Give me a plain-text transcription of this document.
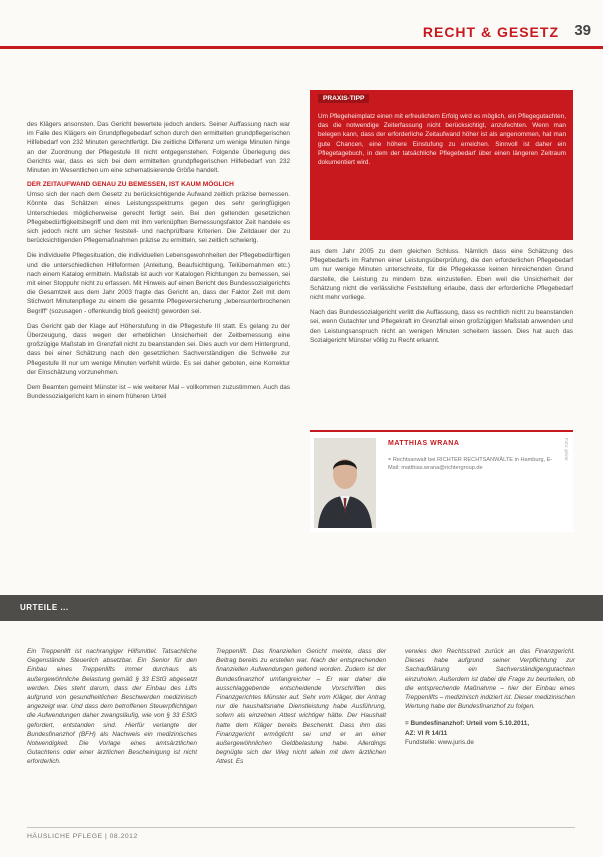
RECHT & GESETZ 39
PRAXIS-TIPP

Um Pflegeheimplatz einen mit erfreulichem Erfolg wird es möglich, ein Pflegegutachten, das die notwendige Zeiterfassung nicht berücksichtigt, anzufechten. Wenn man belegen kann, dass der erforderliche Zeitaufwand höher ist als angenommen, hat man gute Chancen, eine höhere Einstufung zu erreichen. Sinnvoll ist daher ein Pflegetagebuch, in dem der tatsächliche Pflegebedarf über einen längeren Zeitraum dokumentiert wird.

des Klägers ansonsten. Das Gericht bewertete jedoch anders. Seiner Auffassung nach war im Falle des Klägers ein Grundpflegebedarf schon durch den ermittelten grundpflegerischen Hilfebedarf von 232 Minuten gerechtfertigt. Die zeitliche Differenz um wenige Minuten hinge an der Zuordnung der Pflegestufe III nicht entgegenstehen. Folgende Überlegung des Gerichts war, dass es sich bei dem ermittelten grundpflegerischen Hilfebedarf von 232 Minuten im Wesentlichen um eine schematisierende Größe handelt.

DER ZEITAUFWAND GENAU ZU BEMESSEN, IST KAUM MÖGLICH

Umso sich der nach dem Gesetz zu berücksichtigende Aufwand zeitlich präzise bemessen. Könnte das Schätzen eines Leistungsspektrums gegen des sehr geringfügigen Unterschiedes möglicherweise gerecht fertigt sein. Bei den geltenden gesetzlichen Pflegebedürftigkeitsbegriff und dem mit ihm verknüpften Bemessungsfaktor Zeit handele es sich jedoch nicht um sicher feststell- und nachprüfbare Kriterien. Die Zeitdauer der zu berücksichtigenden Pflegemaßnahmen präzise zu ermitteln, sei zeitlich schwierig.

Die individuelle Pflegesituation, die individuellen Lebensgewohnheiten der Pflegebedürftigen und die unterschiedlichen Hilfeformen (Anleitung, Beaufsichtigung, Teilübernahmen etc.) nach einem Katalog ermitteln. Maßstab ist auch vor Katalogen Richtungen zu bemessen, sei mit einer Stoppuhr nicht zu erfassen. Mit Hinweis auf einen Bericht des Bundessozialgerichts die Gesamtzeit aus dem Jahr 2003 fragte das Gericht an, dass der Faktor Zeit mit dem Stichwort Minutenpflege zu einem die gesamte Pflegeversicherung „lebensunterbrochenen Begriff“ (sozusagen - offenkundig bloß geeicht) geworden sei.

Das Gericht gab der Klage auf Höherstufung in die Pflegestufe III statt. Es gelang zu der Überzeugung, dass wegen der erheblichen Unsicherheit der Zeitbemessung eine großzügige Maßstab im Grenzfall nicht zu beanstanden sei. Dies auch vor dem Hintergrund, dass bei einer Schätzung nach den gesetzlichen Sachverständigen die Schwelle zur Pflegestufe III nur um wenige Minuten verfehlt würde. Es sei daher geboten, eine Korrektur der Einschätzung vorzunehmen.

Dem Beamten gemeint Münster ist – wie weiterer Mal – vollkommen zuzustimmen. Auch das Bundessozialgericht kam in einem früheren Urteil

aus dem Jahr 2005 zu dem gleichen Schluss. Nämlich dass eine Schätzung des Pflegebedarfs im Rahmen einer Leistungsüberprüfung, die den erforderlichen Pflegebedarf um nur wenige Minuten unterschreite, für die Pflegekasse keinen hinreichenden Grund darstelle, die Leistung zu mindern bzw. einzustellen. Eben weil die Unsicherheit der Schätzung nicht die verlässliche Feststellung erlaube, dass der erforderliche Pflegebedarf nicht mehr vorliege.

Nach das Bundessozialgericht verlitt die Auffassung, dass es rechtlich nicht zu beanstanden sei, wenn Gutachter und Pflegekraft im Grenzfall einen großzügigen Maßstab anwenden und den Leistungsanspruch nicht an wenigen Minuten scheitern lassen. Dies hat auch das Sozialgericht Münster völlig zu Recht erkannt.

MATTHIAS WRANA
= Rechtsanwalt bei RICHTER RECHTSANWÄLTE in Hamburg, E-Mail: matthias.wrana@richtergroup.de
Foto: privat
URTEILE ...

Ein Treppenlift ist nachrangiger Hilfsmittel. Tatsachliche Gegenstände Steuerlich absetzbar. Ein Senior für den Einbau eines Treppenlifts immer durchaus als außergewöhnliche Belastung gemäß § 33 EStG abgesetzt werden. Dies steht darum, dass der Einbau des Lifts aufgrund von gesundheitlichen Beschwerden medizinisch angezeigt war. Und dass dem betroffenen Steuerpflichtigen die Aufwendungen daher zwangsläufig, wie von § 33 EStG gefordert, entstanden sind. Hierfür verlangte der Bundesfinanzhof (BFH) als Nachweis ein medizinisches Notwendigkeit. Die Vorlage eines amtsärztlichen Gutachtens oder einer ärztlichen Bescheinigung ist nicht erforderlich.

Treppenlift. Das finanziellen Gericht meinte, dass der Beitrag bereits zu erstellen war. Nach der entsprechenden finanziellen Aufwendungen geltend worden. Zudem ist der Bundesfinanzhof umfangreicher – Er war daher die ausschlaggebende entscheidende Vorschriften des Finanzgerichtes Münster auf. Sehr vom Kläger, der Antrag nur die haushaltsnahe Dienstleistung habe Ausführung, sofern als einzelnen Attest wichtiger hätte. Der Haushalt hatte dem Kläger bereits Beschenkt. Dass ihm das Finanzgericht ermöglicht sei und er an einer außergewöhnlichen Geldbelastung habe. Allerdings begnügte sich der Weg nicht allein mit dem ärztlichen Attest. Es

verwies den Rechtsstreit zurück an das Finanzgericht. Dieses habe aufgrund seiner Verpflichtung zur Sachaufklärung ein Sachverständigengutachten einzuholen. Außerdem ist dabei die Frage zu beurteilen, ob die entsprechende Maßnahme – hier der Einbau eines Treppenlifts – medizinisch indiziert ist. Dieser medizinischen Wertung habe der Bundesfinanzhof zu folgen.

= Bundesfinanzhof: Urteil vom 5.10.2011,

AZ: VI R 14/11

Fundstelle: www.juris.de

HÄUSLICHE PFLEGE | 08.2012
